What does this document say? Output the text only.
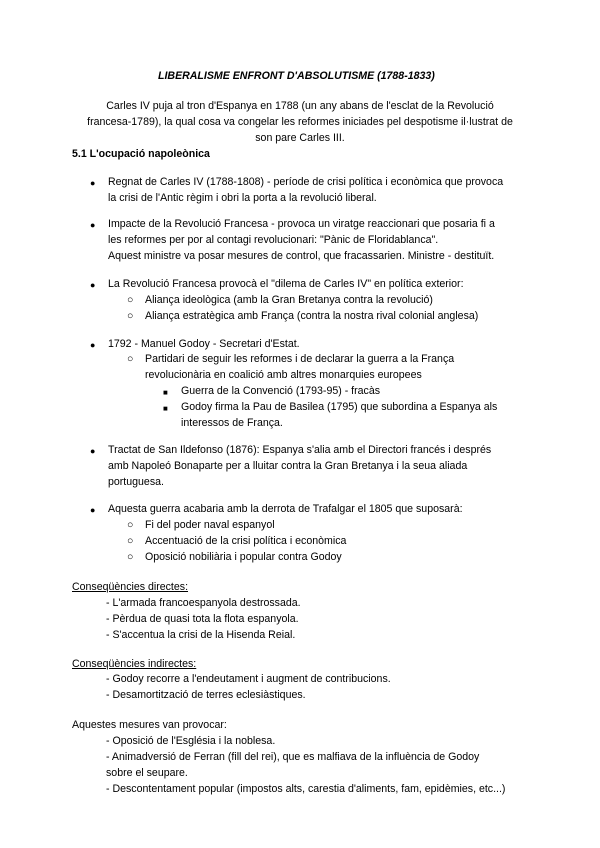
LIBERALISME ENFRONT D'ABSOLUTISME (1788-1833)
Carles IV puja al tron d'Espanya en 1788 (un any abans de l'esclat de la Revolució
francesa-1789), la qual cosa va congelar les reformes iniciades pel despotisme il·lustrat de
son pare Carles III.
5.1 L'ocupació napoleònica
● Regnat de Carles IV (1788-1808) - període de crisi política i econòmica que provoca
la crisi de l'Antic règim i obri la porta a la revolució liberal.
● Impacte de la Revolució Francesa - provoca un viratge reaccionari que posaria fi a
les reformes per por al contagi revolucionari: "Pànic de Floridablanca".
Aquest ministre va posar mesures de control, que fracassarien. Ministre - destituït.
● La Revolució Francesa provocà el "dilema de Carles IV" en política exterior:
○ Aliança ideològica (amb la Gran Bretanya contra la revolució)
○ Aliança estratègica amb França (contra la nostra rival colonial anglesa)
● 1792 - Manuel Godoy - Secretari d'Estat.
○ Partidari de seguir les reformes i de declarar la guerra a la França
revolucionària en coalició amb altres monarquies europees
■ Guerra de la Convenció (1793-95) - fracàs
■ Godoy firma la Pau de Basilea (1795) que subordina a Espanya als
interessos de França.
● Tractat de San Ildefonso (1876): Espanya s'alia amb el Directori francés i després
amb Napoleó Bonaparte per a lluitar contra la Gran Bretanya i la seua aliada
portuguesa.
● Aquesta guerra acabaria amb la derrota de Trafalgar el 1805 que suposarà:
○ Fi del poder naval espanyol
○ Accentuació de la crisi política i econòmica
○ Oposició nobiliària i popular contra Godoy
Conseqüències directes:
- L'armada francoespanyola destrossada.
- Pèrdua de quasi tota la flota espanyola.
- S'accentua la crisi de la Hisenda Reial.
Conseqüències indirectes:
- Godoy recorre a l'endeutament i augment de contribucions.
- Desamortització de terres eclesiàstiques.
Aquestes mesures van provocar:
- Oposició de l'Església i la noblesa.
- Animadversió de Ferran (fill del rei), que es malfiava de la influència de Godoy
sobre el seupare.
- Descontentament popular (impostos alts, carestia d'aliments, fam, epidèmies, etc...)
